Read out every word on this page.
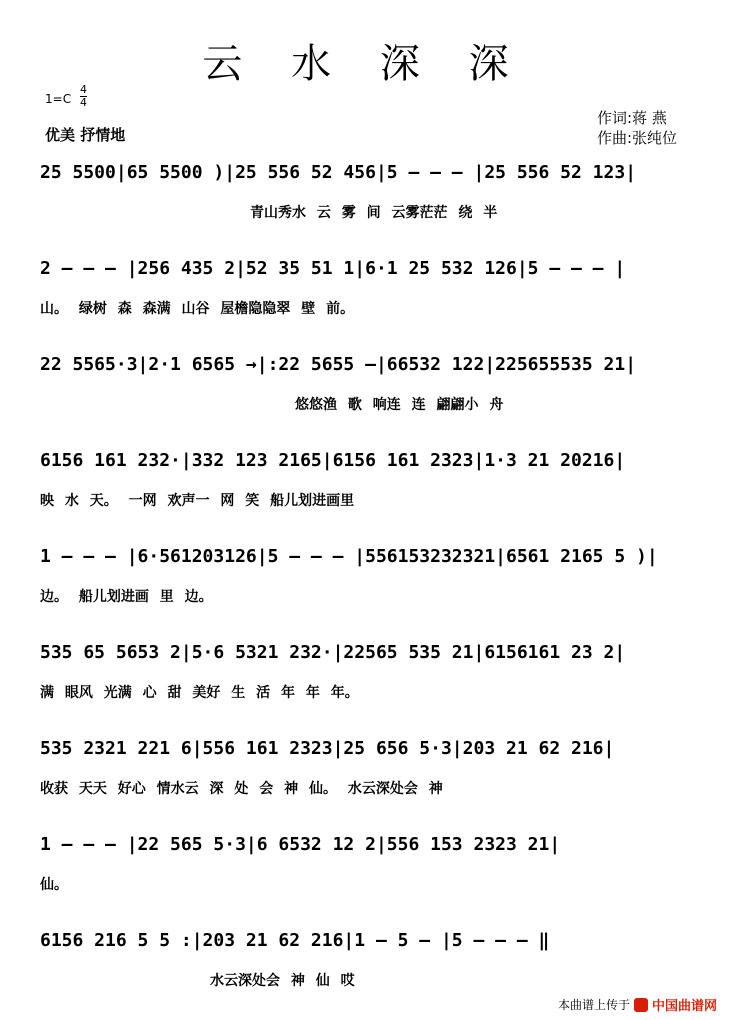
云 水 深 深
1=C
4
4
优美 抒情地
作词:蒋 燕
作曲:张纯位
25 5500|65 5500 )|25 556 52 456|5 – – – |25 556 52 123|
青山秀水 云 雾 间 云雾茫茫 绕 半
2 – – – |256 435 2|52 35 51 1|6·1 25 532 126|5 – – – |
山。 绿树 森 森满 山谷 屋檐隐隐翠 壁 前。
22 5565·3|2·1 6565 →|:22 5655 –|66532 122|225655535 21|
悠悠渔 歌 响连 连 翩翩小 舟
6156 161 232·|332 123 2165|6156 161 2323|1·3 21 20216|
映 水 天。 一网 欢声一 网 笑 船儿划进画里
1 – – – |6·561203126|5 – – – |556153232321|6561 2165 5 )|
边。 船儿划进画 里 边。
535 65 5653 2|5·6 5321 232·|22565 535 21|6156161 23 2|
满 眼风 光满 心 甜 美好 生 活 年 年 年。
535 2321 221 6|556 161 2323|25 656 5·3|203 21 62 216|
收获 天天 好心 情水云 深 处 会 神 仙。 水云深处会 神
1 – – – |22 565 5·3|6 6532 12 2|556 153 2323 21|
仙。
6156 216 5 5 :|203 21 62 216|1 – 5 – |5 – – – ‖
水云深处会 神 仙 哎
本曲谱上传于 中国曲谱网
